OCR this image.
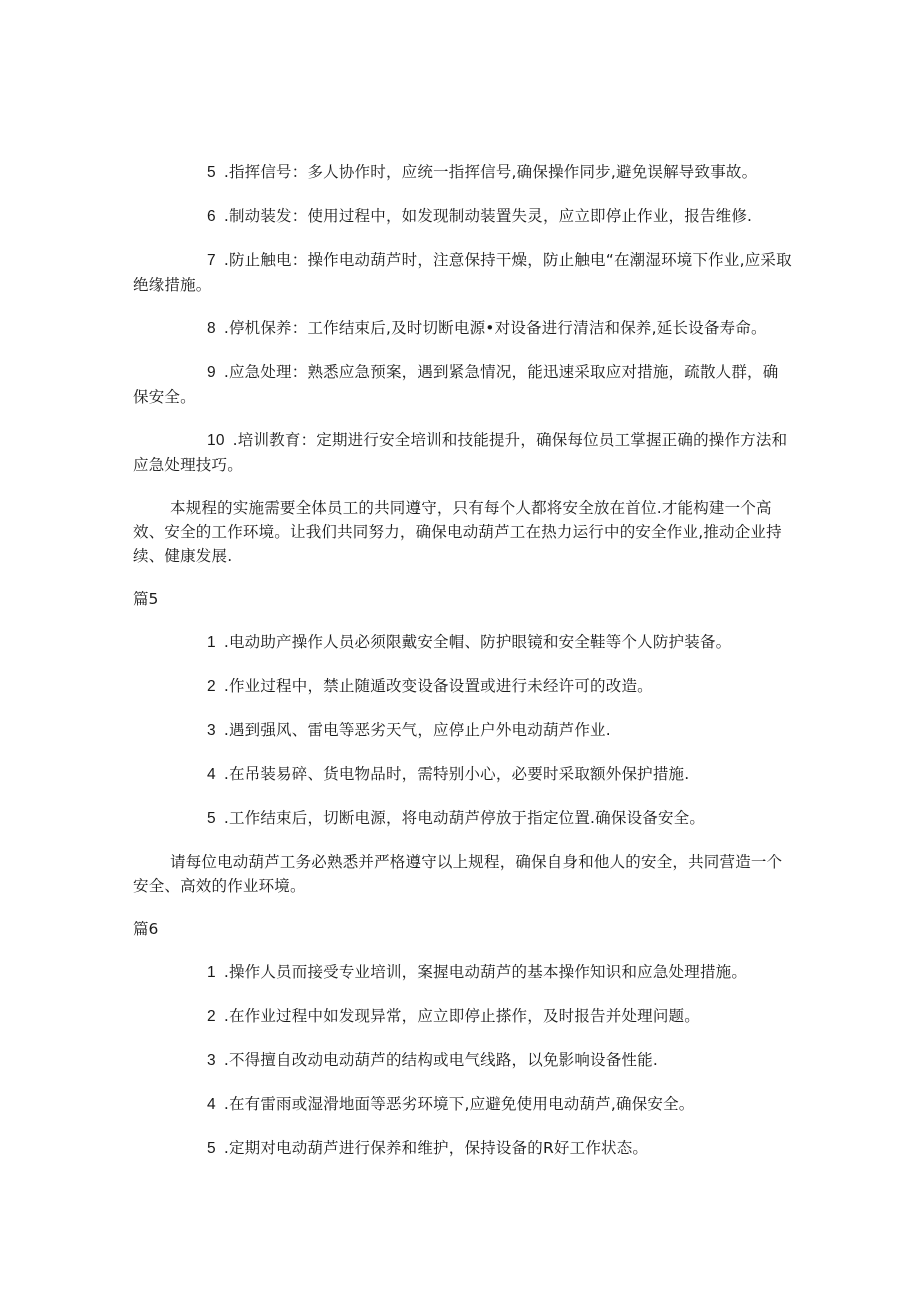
5 .指挥信号：多人协作时，应统一指挥信号,确保操作同步,避免误解导致事故。

6 .制动装发：使用过程中，如发现制动装置失灵，应立即停止作业，报告维修.

7 .防止触电：操作电动葫芦时，注意保持干燥，防止触电“在潮湿环境下作业,应采取绝缘措施。

8 .停机保养：工作结束后,及时切断电源•对设备进行清洁和保养,延长设备寿命。

9 .应急处理：熟悉应急预案，遇到紧急情况，能迅速采取应对措施，疏散人群，确保安全。

10 .培训教育：定期进行安全培训和技能提升，确保每位员工掌握正确的操作方法和应急处理技巧。

本规程的实施需要全体员工的共同遵守，只有每个人都将安全放在首位.才能构建一个高效、安全的工作环境。让我们共同努力，确保电动葫芦工在热力运行中的安全作业,推动企业持续、健康发展.

篇5

1 .电动助产操作人员必须限戴安全帽、防护眼镜和安全鞋等个人防护装备。

2 .作业过程中，禁止随遁改变设备设置或进行未经许可的改造。

3 .遇到强风、雷电等恶劣天气，应停止户外电动葫芦作业.

4 .在吊装易碎、货电物品时，需特别小心，必要时采取额外保护措施.

5 .工作结束后，切断电源，将电动葫芦停放于指定位置.确保设备安全。

请每位电动葫芦工务必熟悉并严格遵守以上规程，确保自身和他人的安全，共同营造一个安全、高效的作业环境。

篇6

1 .操作人员而接受专业培训，案握电动葫芦的基本操作知识和应急处理措施。

2 .在作业过程中如发现异常，应立即停止搽作，及时报告并处理问题。

3 .不得擅自改动电动葫芦的结构或电气线路，以免影响设备性能.

4 .在有雷雨或湿滑地面等恶劣环境下,应避免使用电动葫芦,确保安全。

5 .定期对电动葫芦进行保养和维护，保持设备的R好工作状态。
